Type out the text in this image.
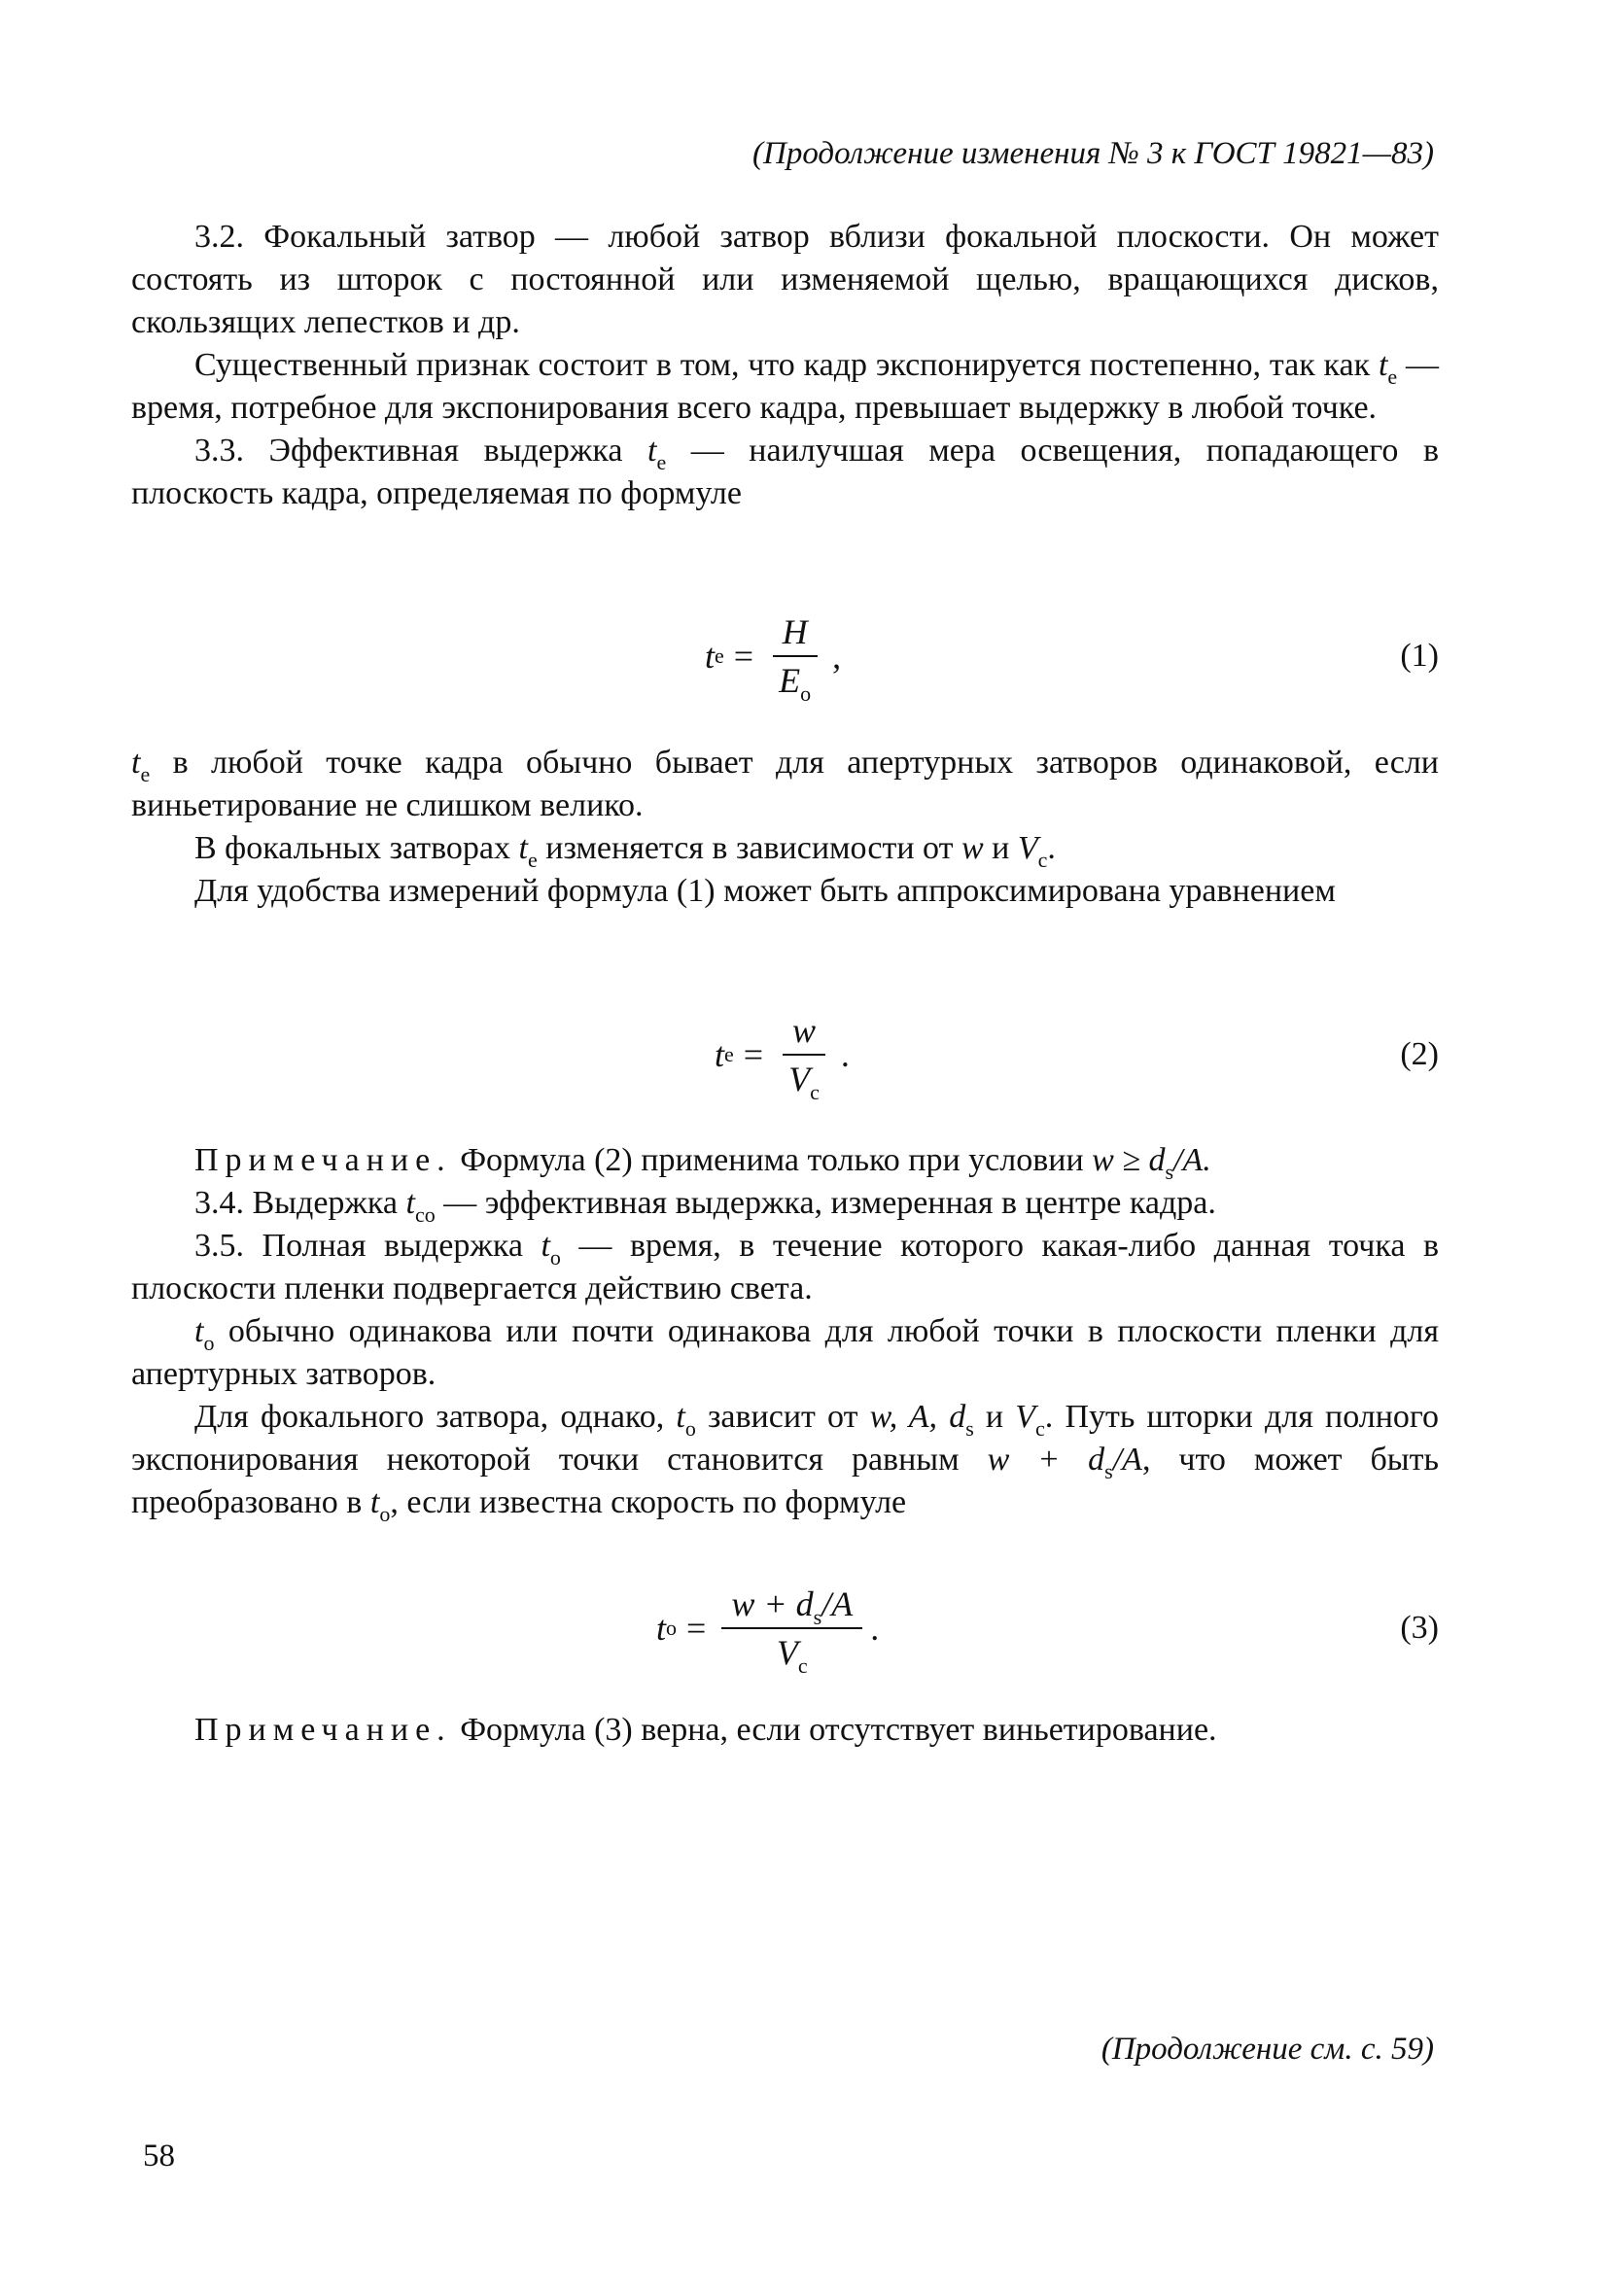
(Продолжение изменения № 3 к ГОСТ 19821—83)

3.2. Фокальный затвор — любой затвор вблизи фокальной плоскости. Он может состоять из шторок с постоянной или изменяемой щелью, вращающихся дисков, скользящих лепестков и др.

Существенный признак состоит в том, что кадр экспонируется постепенно, так как $t_e$ — время, потребное для экспонирования всего кадра, превышает выдержку в любой точке.

3.3. Эффективная выдержка $t_e$ — наилучшая мера освещения, попадающего в плоскость кадра, определяемая по формуле

t $e = \frac{H}{E_o}$ ,	(1)

$t_e$ в любой точке кадра обычно бывает для апертурных затворов одинаковой, если виньетирование не слишком велико.

В фокальных затворах $t_e$ изменяется в зависимости от w и $V_c$.

Для удобства измерений формула (1) может быть аппроксимирована уравнением

t $e = \frac{w}{V_c}$ .	(2)

Примечание. Формула (2) применима только при условии $w \ge d_s/A$.

3.4. Выдержка $t_{co}$ — эффективная выдержка, измеренная в центре кадра.

3.5. Полная выдержка $t_o$ — время, в течение которого какая-либо данная точка в плоскости пленки подвергается действию света.

$t_o$ обычно одинакова или почти одинакова для любой точки в плоскости пленки для апертурных затворов.

Для фокального затвора, однако, $t_o$ зависит от w, A, $d_s$ и $V_c$. Путь шторки для полного экспонирования некоторой точки становится равным $w + d_s/A$, что может быть преобразовано в $t_o$, если известна скорость по формуле

t $o = \frac{w + d_s/A}{V_c}$ .	(3)

Примечание. Формула (3) верна, если отсутствует виньетирование.

(Продолжение см. с. 59)
58
